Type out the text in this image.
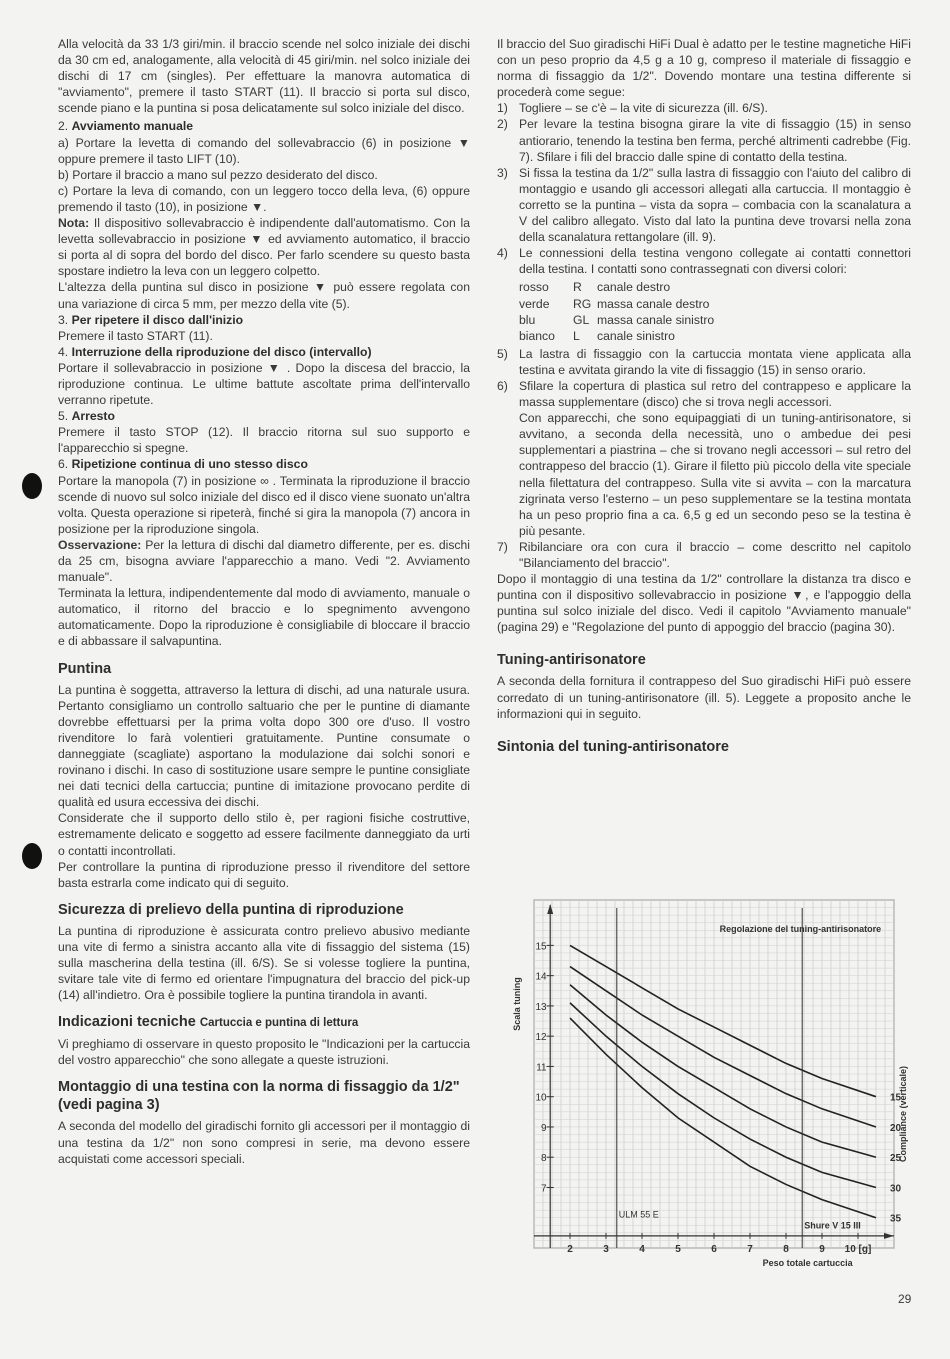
Alla velocità da 33 1/3 giri/min. il braccio scende nel solco iniziale dei dischi da 30 cm ed, analogamente, alla velocità di 45 giri/min. nel solco iniziale dei dischi di 17 cm (singles). Per effettuare la manovra automatica di "avviamento", premere il tasto START (11). Il braccio si porta sul disco, scende piano e la puntina si posa delicatamente sul solco iniziale del disco.

2. Avviamento manuale

a) Portare la levetta di comando del sollevabraccio (6) in posizione ▼ oppure premere il tasto LIFT (10).

b) Portare il braccio a mano sul pezzo desiderato del disco.

c) Portare la leva di comando, con un leggero tocco della leva, (6) oppure premendo il tasto (10), in posizione ▼.

Nota: Il dispositivo sollevabraccio è indipendente dall'automatismo. Con la levetta sollevabraccio in posizione ▼ ed avviamento automatico, il braccio si porta al di sopra del bordo del disco. Per farlo scendere su questo basta spostare indietro la leva con un leggero colpetto.

L'altezza della puntina sul disco in posizione ▼ può essere regolata con una variazione di circa 5 mm, per mezzo della vite (5).

3. Per ripetere il disco dall'inizio

Premere il tasto START (11).

4. Interruzione della riproduzione del disco (intervallo)

Portare il sollevabraccio in posizione ▼ . Dopo la discesa del braccio, la riproduzione continua. Le ultime battute ascoltate prima dell'intervallo verranno ripetute.

5. Arresto

Premere il tasto STOP (12). Il braccio ritorna sul suo supporto e l'apparecchio si spegne.

6. Ripetizione continua di uno stesso disco

Portare la manopola (7) in posizione ∞ . Terminata la riproduzione il braccio scende di nuovo sul solco iniziale del disco ed il disco viene suonato un'altra volta. Questa operazione si ripeterà, finché si gira la manopola (7) ancora in posizione per la riproduzione singola.

Osservazione: Per la lettura di dischi dal diametro differente, per es. dischi da 25 cm, bisogna avviare l'apparecchio a mano. Vedi "2. Avviamento manuale".

Terminata la lettura, indipendentemente dal modo di avviamento, manuale o automatico, il ritorno del braccio e lo spegnimento avvengono automaticamente. Dopo la riproduzione è consigliabile di bloccare il braccio e di abbassare il salvapuntina.

Puntina

La puntina è soggetta, attraverso la lettura di dischi, ad una naturale usura. Pertanto consigliamo un controllo saltuario che per le puntine di diamante dovrebbe effettuarsi per la prima volta dopo 300 ore d'uso. Il vostro rivenditore lo farà volentieri gratuitamente. Puntine consumate o danneggiate (scagliate) asportano la modulazione dai solchi sonori e rovinano i dischi. In caso di sostituzione usare sempre le puntine consigliate nei dati tecnici della cartuccia; puntine di imitazione provocano perdite di qualità ed usura eccessiva dei dischi.

Considerate che il supporto dello stilo è, per ragioni fisiche costruttive, estremamente delicato e soggetto ad essere facilmente danneggiato da urti o contatti incontrollati.

Per controllare la puntina di riproduzione presso il rivenditore del settore basta estrarla come indicato qui di seguito.

Sicurezza di prelievo della puntina di riproduzione

La puntina di riproduzione è assicurata contro prelievo abusivo mediante una vite di fermo a sinistra accanto alla vite di fissaggio del sistema (15) sulla mascherina della testina (ill. 6/S). Se si volesse togliere la puntina, svitare tale vite di fermo ed orientare l'impugnatura del braccio del pick-up (14) all'indietro. Ora è possibile togliere la puntina tirandola in avanti.

Indicazioni tecniche Cartuccia e puntina di lettura

Vi preghiamo di osservare in questo proposito le "Indicazioni per la cartuccia del vostro apparecchio" che sono allegate a queste istruzioni.

Montaggio di una testina con la norma di fissaggio da 1/2" (vedi pagina 3)

A seconda del modello del giradischi fornito gli accessori per il montaggio di una testina da 1/2" non sono compresi in serie, ma devono essere acquistati come accessori speciali.

Il braccio del Suo giradischi HiFi Dual è adatto per le testine magnetiche HiFi con un peso proprio da 4,5 g a 10 g, compreso il materiale di fissaggio e norma di fissaggio da 1/2". Dovendo montare una testina differente si procederà come segue:

1) Togliere – se c'è – la vite di sicurezza (ill. 6/S).
2) Per levare la testina bisogna girare la vite di fissaggio (15) in senso antiorario, tenendo la testina ben ferma, perché altrimenti cadrebbe (Fig. 7). Sfilare i fili del braccio dalle spine di contatto della testina.
3) Si fissa la testina da 1/2" sulla lastra di fissaggio con l'aiuto del calibro di montaggio e usando gli accessori allegati alla cartuccia. Il montaggio è corretto se la puntina – vista da sopra – combacia con la scanalatura a V del calibro allegato. Visto dal lato la puntina deve trovarsi nella zona della scanalatura rettangolare (ill. 9).
4) Le connessioni della testina vengono collegate ai contatti connettori della testina. I contatti sono contrassegnati con diversi colori:
rosso	R	canale destro
verde	RG massa canale destro
blu	GL massa canale sinistro
bianco	L	canale sinistro
5) La lastra di fissaggio con la cartuccia montata viene applicata alla testina e avvitata girando la vite di fissaggio (15) in senso orario.
6) Sfilare la copertura di plastica sul retro del contrappeso e applicare la massa supplementare (disco) che si trova negli accessori.

Con apparecchi, che sono equipaggiati di un tuning-antirisonatore, si avvitano, a seconda della necessità, uno o ambedue dei pesi supplementari a piastrina – che si trovano negli accessori – sul retro del contrappeso del braccio (1). Girare il filetto più piccolo della vite speciale nella filettatura del contrappeso. Sulla vite si avvita – con la marcatura zigrinata verso l'esterno – un peso supplementare se la testina montata ha un peso proprio fina a ca. 6,5 g ed un secondo peso se la testina è più pesante.

7) Ribilanciare ora con cura il braccio – come descritto nel capitolo "Bilanciamento del braccio".

Dopo il montaggio di una testina da 1/2" controllare la distanza tra disco e puntina con il dispositivo sollevabraccio in posizione ▼, e l'appoggio della puntina sul solco iniziale del disco. Vedi il capitolo "Avviamento manuale" (pagina 29) e "Regolazione del punto di appoggio del braccio (pagina 30).

Tuning-antirisonatore

A seconda della fornitura il contrappeso del Suo giradischi HiFi può essere corredato di un tuning-antirisonatore (ill. 5). Leggete a proposito anche le informazioni qui in seguito.

Sintonia del tuning-antirisonatore
7
8
9
10
11
12
13
14
15
2	3	4	5	6	7	8	9 10 [g]
Scala tuning
Compliance (verticale)
Peso totale cartuccia
Regolazione del tuning-antirisonatore
15
20
25
30
35
ULM 55 E
Shure V 15 III
29
